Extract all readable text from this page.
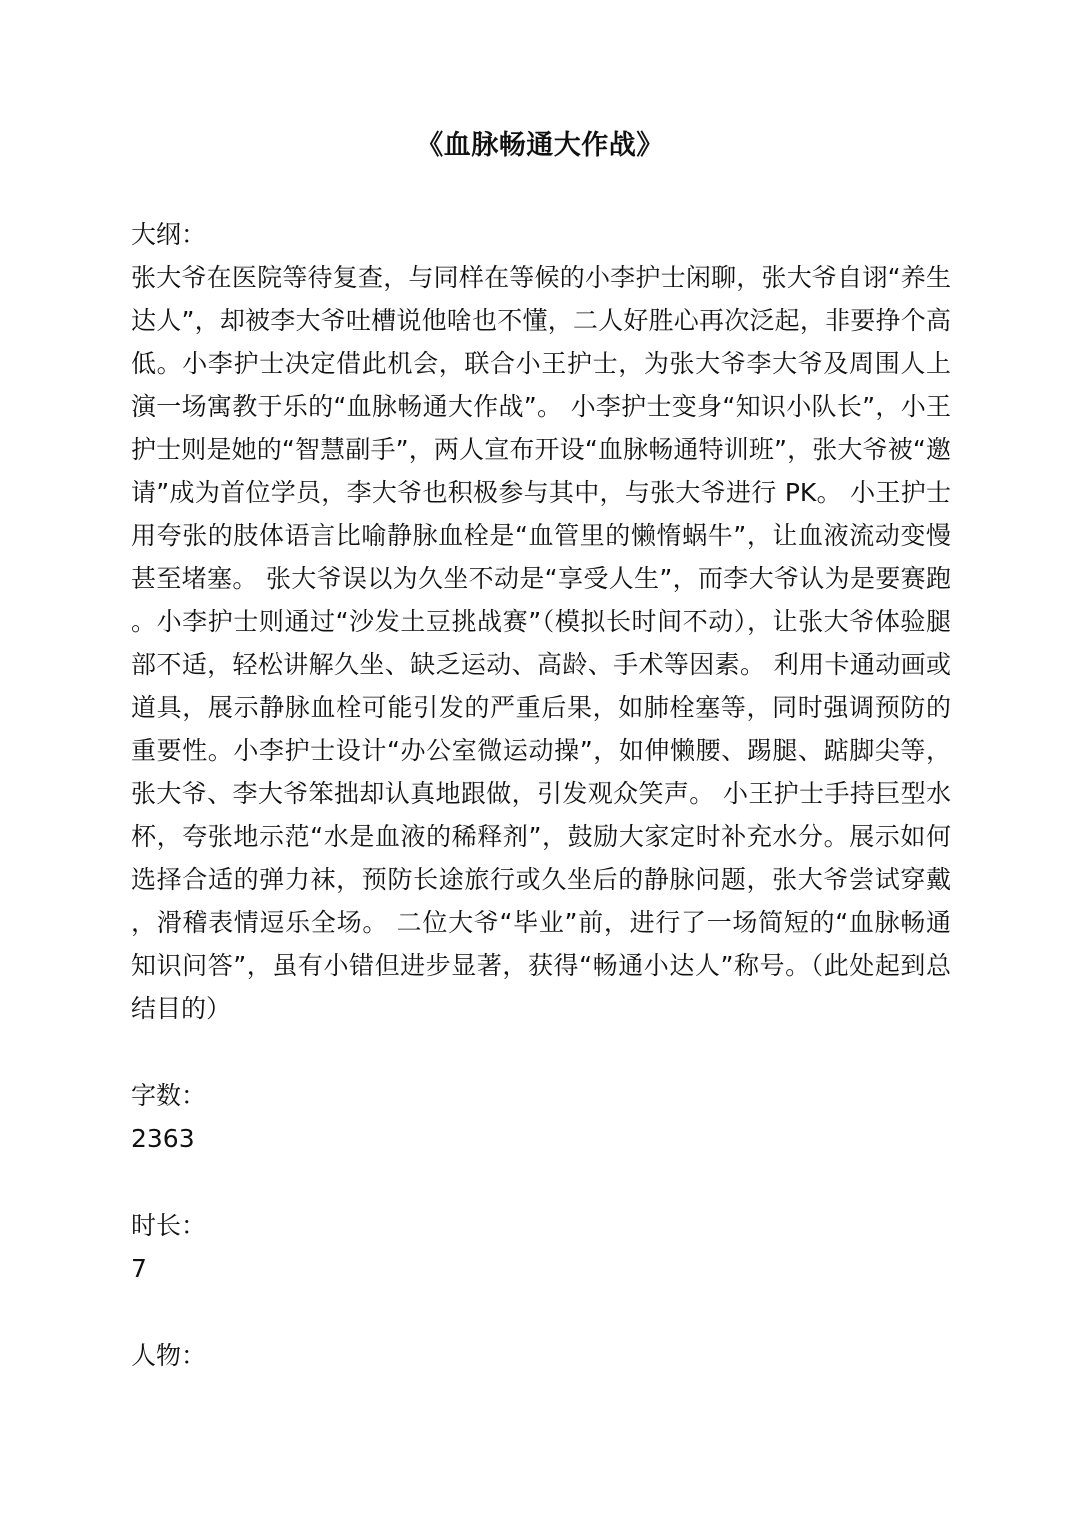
《血脉畅通大作战》

大纲：

张大爷在医院等待复查，与同样在等候的小李护士闲聊，张大爷自诩“养生达人”，却被李大爷吐槽说他啥也不懂，二人好胜心再次泛起，非要挣个高低。小李护士决定借此机会，联合小王护士，为张大爷李大爷及周围人上演一场寓教于乐的“血脉畅通大作战”。 小李护士变身“知识小队长”，小王护士则是她的“智慧副手”，两人宣布开设“血脉畅通特训班”，张大爷被“邀请”成为首位学员，李大爷也积极参与其中，与张大爷进行 PK。 小王护士用夸张的肢体语言比喻静脉血栓是“血管里的懒惰蜗牛”，让血液流动变慢甚至堵塞。 张大爷误以为久坐不动是“享受人生”，而李大爷认为是要赛跑。小李护士则通过“沙发土豆挑战赛”（模拟长时间不动），让张大爷体验腿部不适，轻松讲解久坐、缺乏运动、高龄、手术等因素。 利用卡通动画或道具，展示静脉血栓可能引发的严重后果，如肺栓塞等，同时强调预防的重要性。小李护士设计“办公室微运动操”，如伸懒腰、踢腿、踮脚尖等，张大爷、李大爷笨拙却认真地跟做，引发观众笑声。 小王护士手持巨型水杯，夸张地示范“水是血液的稀释剂”，鼓励大家定时补充水分。展示如何选择合适的弹力袜，预防长途旅行或久坐后的静脉问题，张大爷尝试穿戴，滑稽表情逗乐全场。 二位大爷“毕业”前，进行了一场简短的“血脉畅通知识问答”，虽有小错但进步显著，获得“畅通小达人”称号。（此处起到总结目的）

字数：

2363

时长：

7

人物：
